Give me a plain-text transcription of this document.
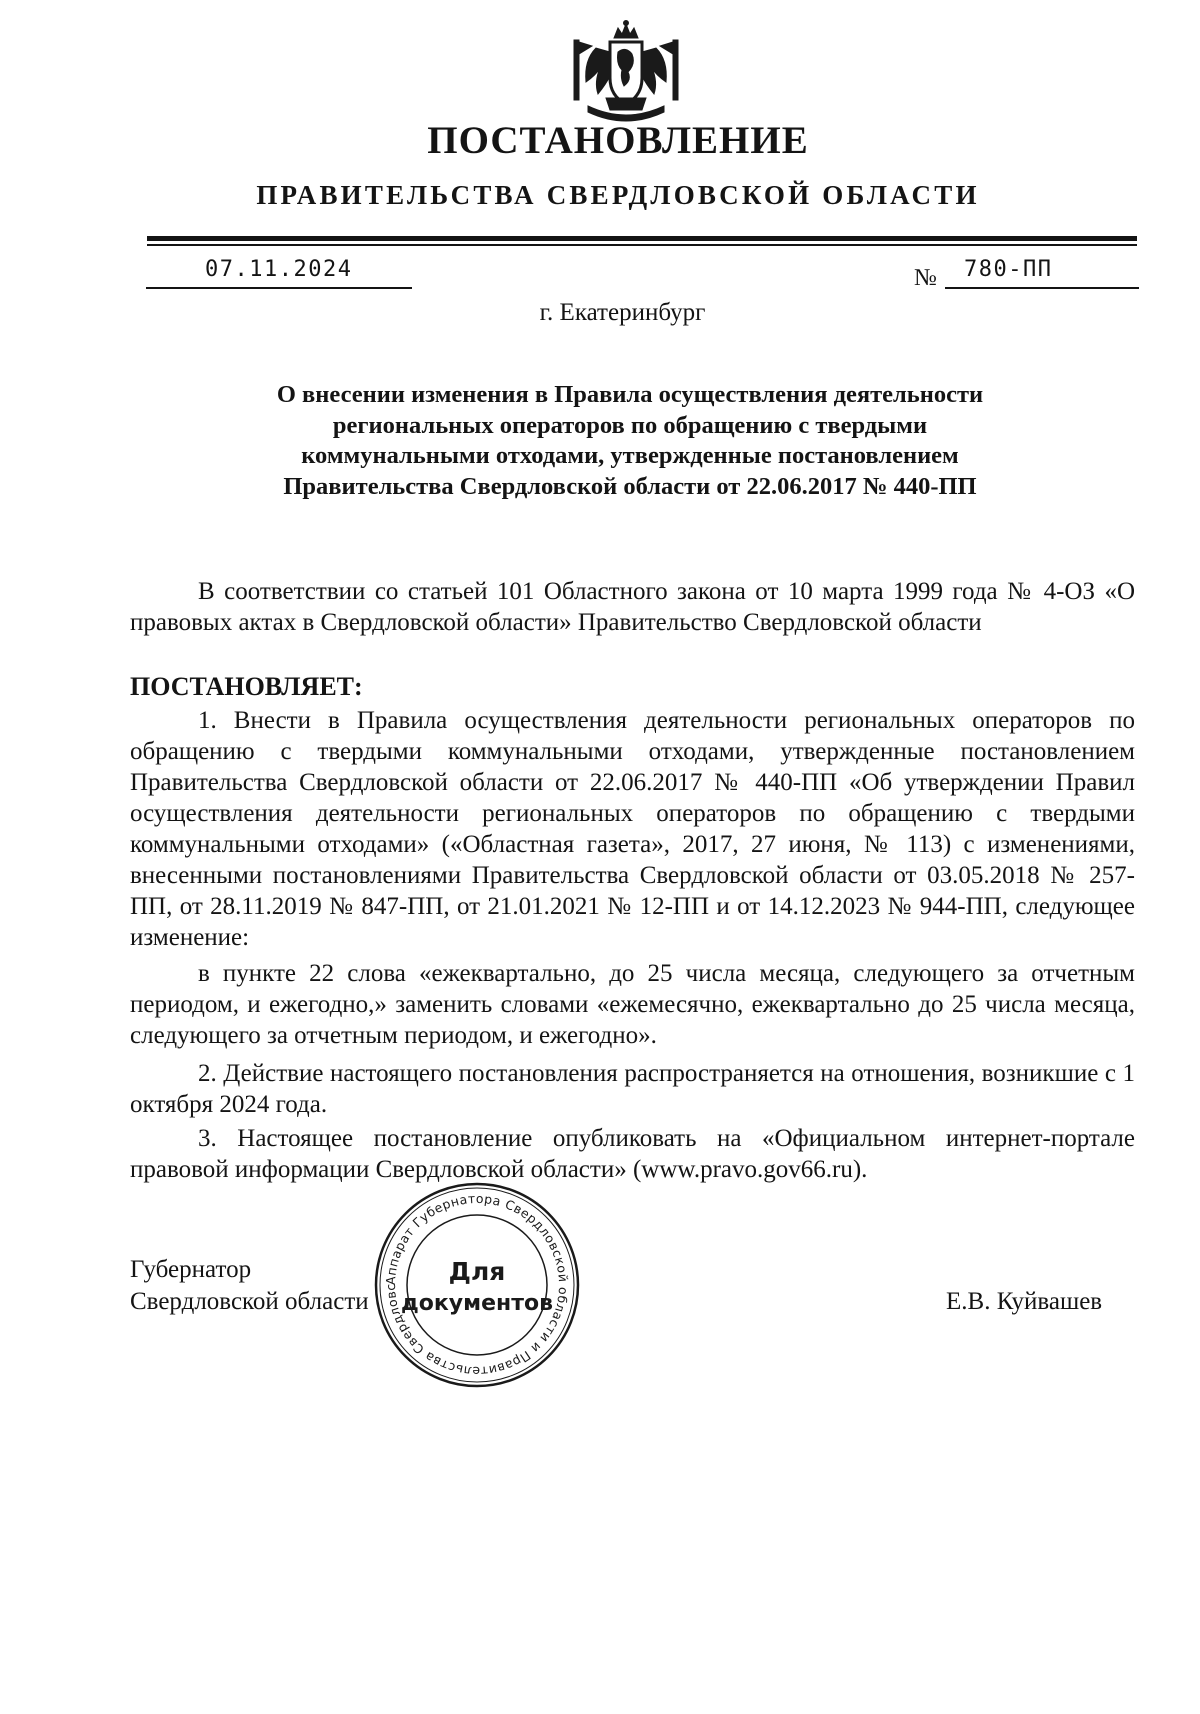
ПОСТАНОВЛЕНИЕ
ПРАВИТЕЛЬСТВА СВЕРДЛОВСКОЙ ОБЛАСТИ
07.11.2024	№ 780-ПП
г. Екатеринбург
О внесении изменения в Правила осуществления деятельности
региональных операторов по обращению с твердыми
коммунальными отходами, утвержденные постановлением
Правительства Свердловской области от 22.06.2017 № 440-ПП
В соответствии со статьей 101 Областного закона от 10 марта 1999 года № 4-ОЗ «О правовых актах в Свердловской области» Правительство Свердловской области
ПОСТАНОВЛЯЕТ:
1. Внести в Правила осуществления деятельности региональных операторов по обращению с твердыми коммунальными отходами, утвержденные постановлением Правительства Свердловской области от 22.06.2017 № 440-ПП «Об утверждении Правил осуществления деятельности региональных операторов по обращению с твердыми коммунальными отходами» («Областная газета», 2017, 27 июня, № 113) с изменениями, внесенными постановлениями Правительства Свердловской области от 03.05.2018 № 257-ПП, от 28.11.2019 № 847-ПП, от 21.01.2021 № 12-ПП и от 14.12.2023 № 944-ПП, следующее изменение:
в пункте 22 слова «ежеквартально, до 25 числа месяца, следующего за отчетным периодом, и ежегодно,» заменить словами «ежемесячно, ежеквартально до 25 числа месяца, следующего за отчетным периодом, и ежегодно».
2. Действие настоящего постановления распространяется на отношения, возникшие с 1 октября 2024 года.
3. Настоящее постановление опубликовать на «Официальном интернет-портале правовой информации Свердловской области» (www.pravo.gov66.ru).
Губернатор
Свердловской области	Е.В. Куйвашев
Аппарат Губернатора Свердловской области и Правительства Свердловс
Для
документов
